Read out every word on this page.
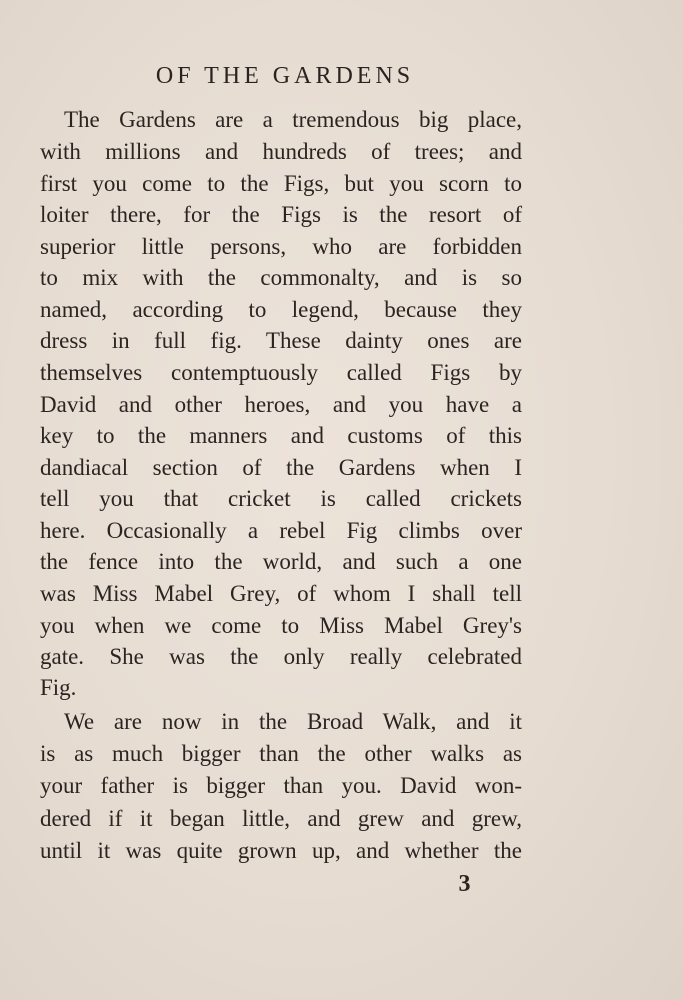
OF THE GARDENS
The Gardens are a tremendous big place,
with millions and hundreds of trees; and
first you come to the Figs, but you scorn to
loiter there, for the Figs is the resort of
superior little persons, who are forbidden
to mix with the commonalty, and is so
named, according to legend, because they
dress in full fig. These dainty ones are
themselves contemptuously called Figs by
David and other heroes, and you have a
key to the manners and customs of this
dandiacal section of the Gardens when I
tell you that cricket is called crickets
here. Occasionally a rebel Fig climbs over
the fence into the world, and such a one
was Miss Mabel Grey, of whom I shall tell
you when we come to Miss Mabel Grey's
gate. She was the only really celebrated
Fig.
We are now in the Broad Walk, and it
is as much bigger than the other walks as
your father is bigger than you. David won-
dered if it began little, and grew and grew,
until it was quite grown up, and whether the
3
